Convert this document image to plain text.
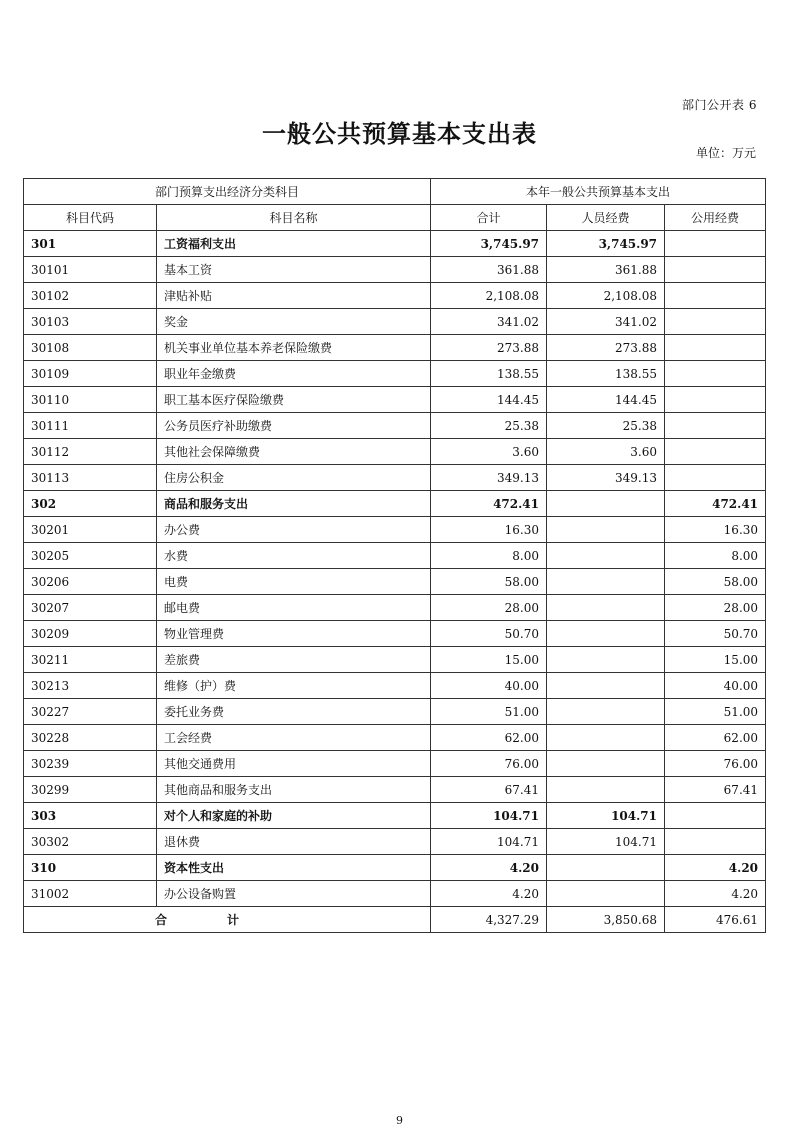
部门公开表 6
一般公共预算基本支出表
单位：万元
部门预算支出经济分类科目		本年一般公共预算基本支出		
科目代码	科目名称	合计	人员经费	公用经费
301	工资福利支出	3,745.97	3,745.97	
30101	基本工资	361.88	361.88	
30102	津贴补贴	2,108.08	2,108.08	
30103	奖金	341.02	341.02	
30108	机关事业单位基本养老保险缴费	273.88	273.88	
30109	职业年金缴费	138.55	138.55	
30110	职工基本医疗保险缴费	144.45	144.45	
30111	公务员医疗补助缴费	25.38	25.38	
30112	其他社会保障缴费	3.60	3.60	
30113	住房公积金	349.13	349.13	
302	商品和服务支出	472.41		472.41
30201	办公费	16.30		16.30
30205	水费	8.00		8.00
30206	电费	58.00		58.00
30207	邮电费	28.00		28.00
30209	物业管理费	50.70		50.70
30211	差旅费	15.00		15.00
30213	维修（护）费	40.00		40.00
30227	委托业务费	51.00		51.00
30228	工会经费	62.00		62.00
30239	其他交通费用	76.00		76.00
30299	其他商品和服务支出	67.41		67.41
303	对个人和家庭的补助	104.71	104.71	
30302	退休费	104.71	104.71	
310	资本性支出	4.20		4.20
31002	办公设备购置	4.20		4.20
合计		4,327.29	3,850.68	476.61
9
